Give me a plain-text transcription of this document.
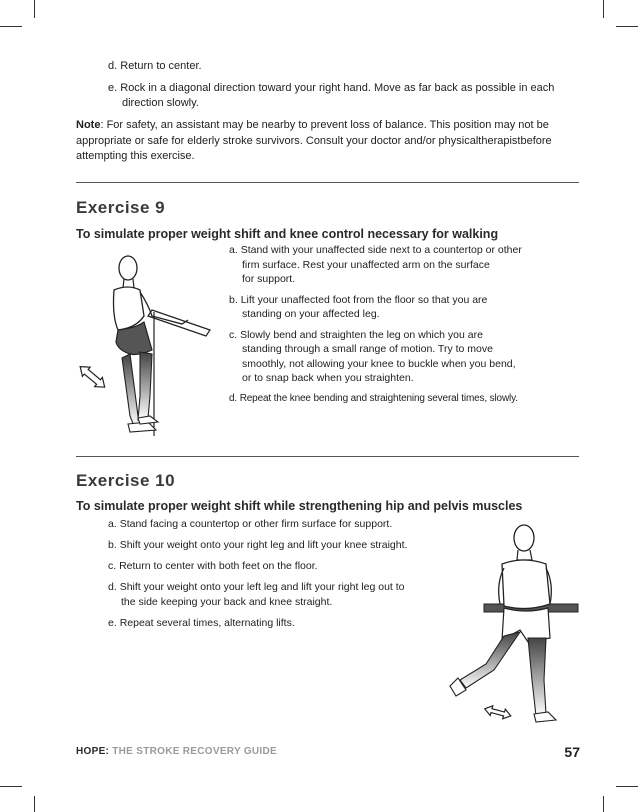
d. Return to center.
e. Rock in a diagonal direction toward your right hand. Move as far back as possible in each
direction slowly.
Note: For safety, an assistant may be nearby to prevent loss of balance. This position may not be
appropriate or safe for elderly stroke survivors. Consult your doctor and/or physicaltherapistbefore
attempting this exercise.
Exercise 9
To simulate proper weight shift and knee control necessary for walking
a. Stand with your unaffected side next to a countertop or other
firm surface. Rest your unaffected arm on the surface
for support.
b. Lift your unaffected foot from the floor so that you are
standing on your affected leg.
c. Slowly bend and straighten the leg on which you are
standing through a small range of motion. Try to move
smoothly, not allowing your knee to buckle when you bend,
or to snap back when you straighten.
d. Repeat the knee bending and straightening several times, slowly.
Exercise 10
To simulate proper weight shift while strengthening hip and pelvis muscles
a. Stand facing a countertop or other firm surface for support.
b. Shift your weight onto your right leg and lift your knee straight.
c. Return to center with both feet on the floor.
d. Shift your weight onto your left leg and lift your right leg out to
the side keeping your back and knee straight.
e. Repeat several times, alternating lifts.
HOPE: THE STROKE RECOVERY GUIDE	57
